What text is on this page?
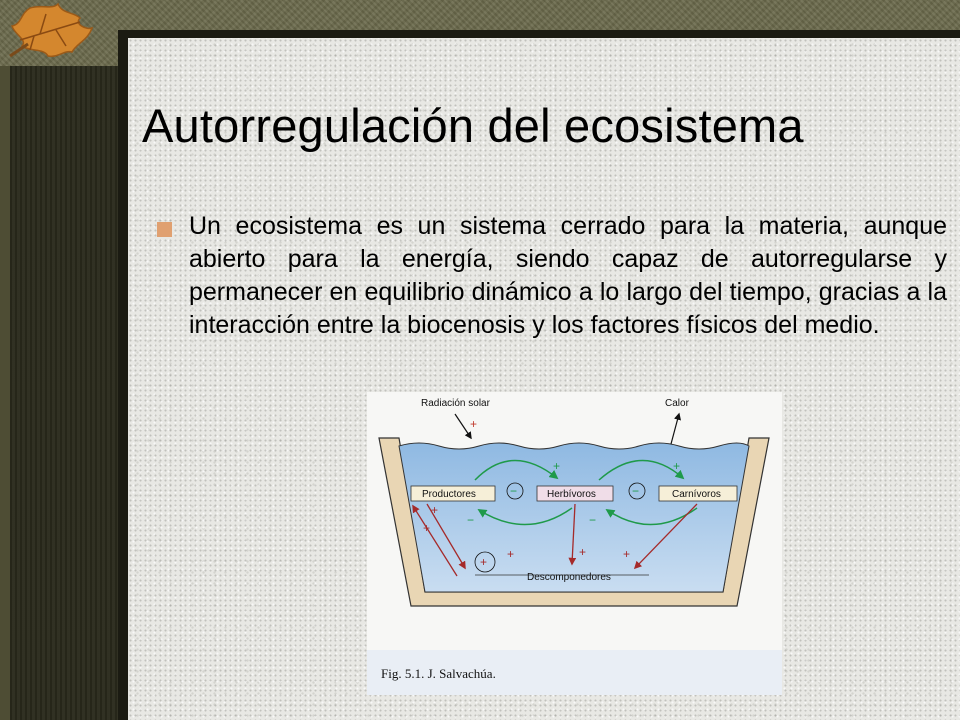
Autorregulación del ecosistema
Un ecosistema es un sistema cerrado para la materia, aunque abierto para la energía, siendo capaz de autorregularse y permanecer en equilibrio dinámico a lo largo del tiempo, gracias a la interacción entre la biocenosis y los factores físicos del medio.
Radiación solar
+
Calor
Productores	Herbívoros	Carnívoros
+	+
−	−
−	−
+
+
+	+
+
+
Descomponedores
Fig. 5.1. J. Salvachúa.
